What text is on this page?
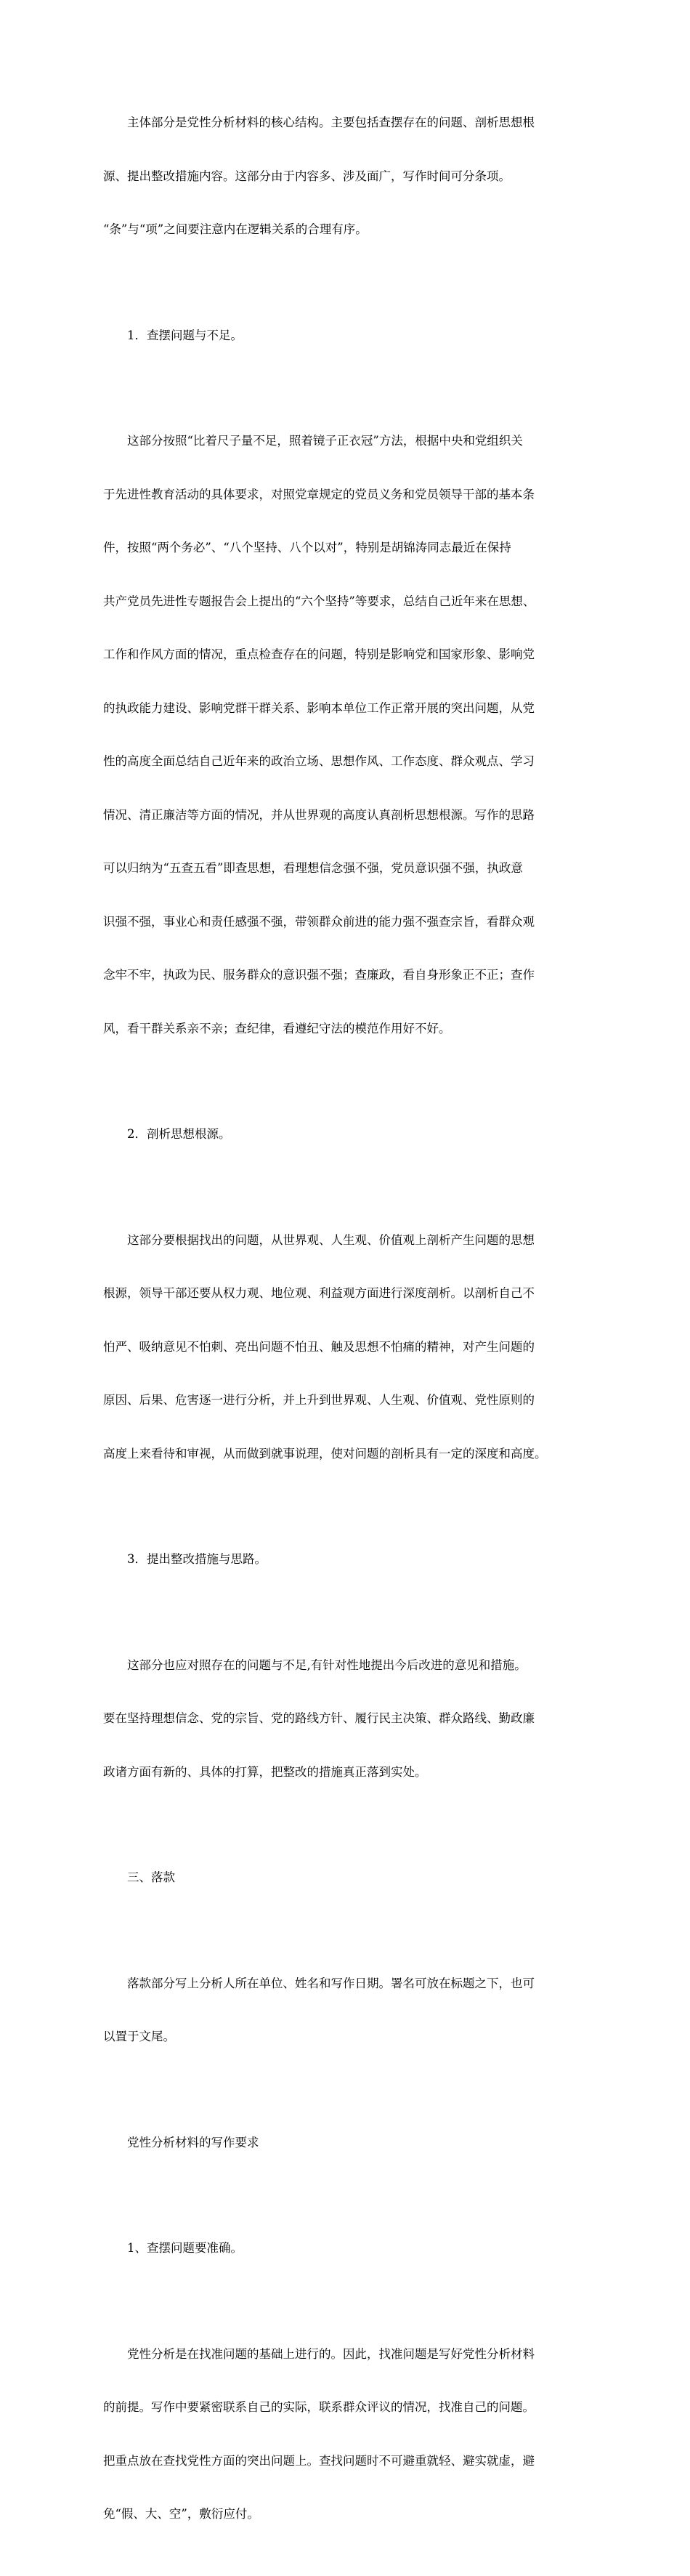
主体部分是党性分析材料的核心结构。主要包括查摆存在的问题、剖析思想根

源、提出整改措施内容。这部分由于内容多、涉及面广，写作时间可分条项。

“条”与“项”之间要注意内在逻辑关系的合理有序。

1．查摆问题与不足。

这部分按照“比着尺子量不足，照着镜子正衣冠”方法，根据中央和党组织关

于先进性教育活动的具体要求，对照党章规定的党员义务和党员领导干部的基本条

件，按照“两个务必”、“八个坚持、八个以对”，特别是胡锦涛同志最近在保持

共产党员先进性专题报告会上提出的“六个坚持”等要求，总结自己近年来在思想、

工作和作风方面的情况，重点检查存在的问题，特别是影响党和国家形象、影响党

的执政能力建设、影响党群干群关系、影响本单位工作正常开展的突出问题，从党

性的高度全面总结自己近年来的政治立场、思想作风、工作态度、群众观点、学习

情况、清正廉洁等方面的情况，并从世界观的高度认真剖析思想根源。写作的思路

可以归纳为“五查五看”即查思想，看理想信念强不强，党员意识强不强，执政意

识强不强，事业心和责任感强不强，带领群众前进的能力强不强查宗旨，看群众观

念牢不牢，执政为民、服务群众的意识强不强；查廉政，看自身形象正不正；查作

风，看干群关系亲不亲；查纪律，看遵纪守法的模范作用好不好。

2．剖析思想根源。

这部分要根据找出的问题，从世界观、人生观、价值观上剖析产生问题的思想

根源，领导干部还要从权力观、地位观、利益观方面进行深度剖析。以剖析自己不

怕严、吸纳意见不怕刺、亮出问题不怕丑、触及思想不怕痛的精神，对产生问题的

原因、后果、危害逐一进行分析，并上升到世界观、人生观、价值观、党性原则的

高度上来看待和审视，从而做到就事说理，使对问题的剖析具有一定的深度和高度。

3．提出整改措施与思路。

这部分也应对照存在的问题与不足,有针对性地提出今后改进的意见和措施。

要在坚持理想信念、党的宗旨、党的路线方针、履行民主决策、群众路线、勤政廉

政诸方面有新的、具体的打算，把整改的措施真正落到实处。

三、落款

落款部分写上分析人所在单位、姓名和写作日期。署名可放在标题之下，也可

以置于文尾。

党性分析材料的写作要求

1、查摆问题要准确。

党性分析是在找准问题的基础上进行的。因此，找准问题是写好党性分析材料

的前提。写作中要紧密联系自己的实际，联系群众评议的情况，找准自己的问题。

把重点放在查找党性方面的突出问题上。查找问题时不可避重就轻、避实就虚，避

免“假、大、空”，敷衍应付。
